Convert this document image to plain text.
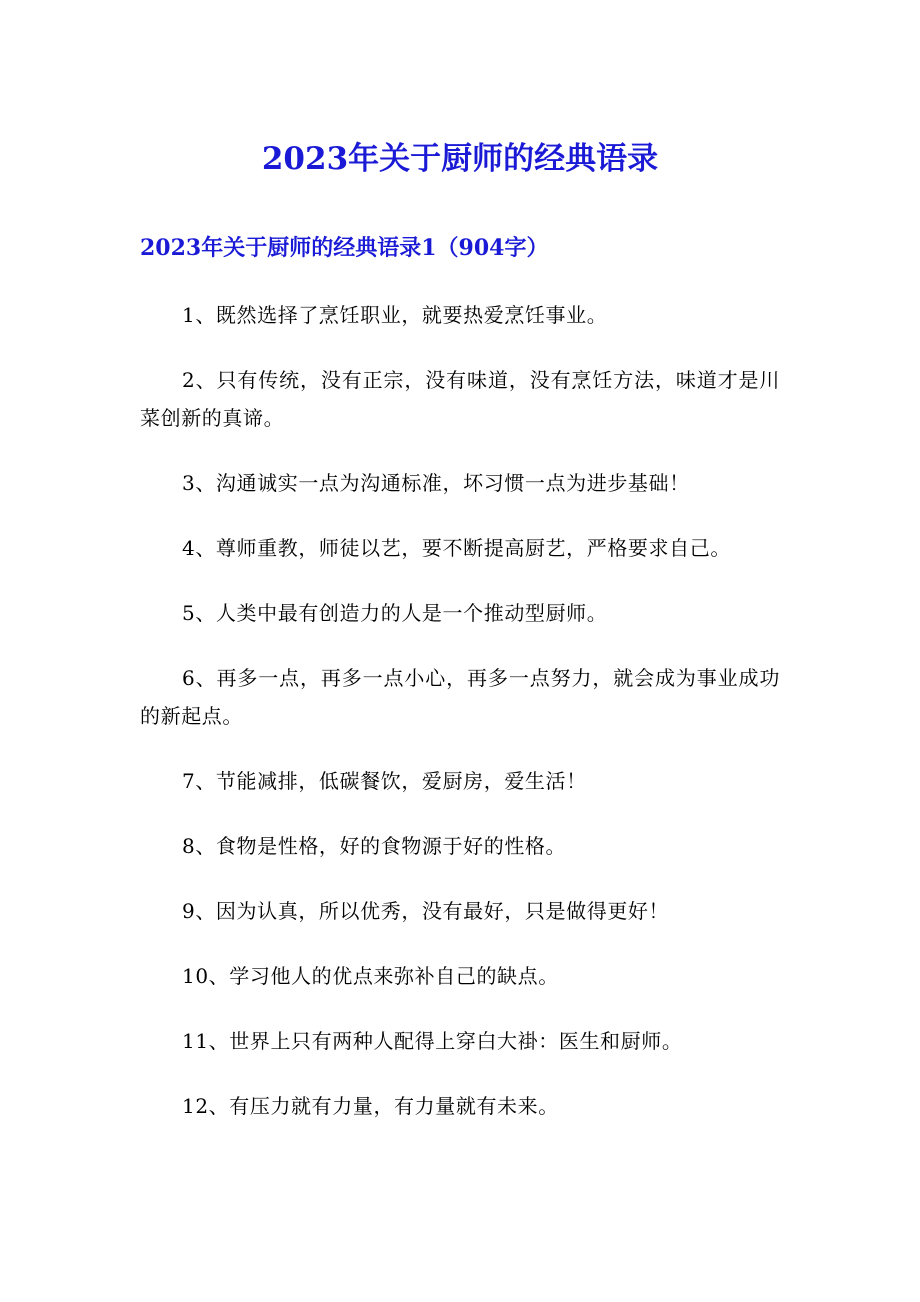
2023年关于厨师的经典语录
2023年关于厨师的经典语录1（904字）
1、既然选择了烹饪职业，就要热爱烹饪事业。
2、只有传统，没有正宗，没有味道，没有烹饪方法，味道才是川菜创新的真谛。
3、沟通诚实一点为沟通标准，坏习惯一点为进步基础！
4、尊师重教，师徒以艺，要不断提高厨艺，严格要求自己。
5、人类中最有创造力的人是一个推动型厨师。
6、再多一点，再多一点小心，再多一点努力，就会成为事业成功的新起点。
7、节能减排，低碳餐饮，爱厨房，爱生活！
8、食物是性格，好的食物源于好的性格。
9、因为认真，所以优秀，没有最好，只是做得更好！
10、学习他人的优点来弥补自己的缺点。
11、世界上只有两种人配得上穿白大褂：医生和厨师。
12、有压力就有力量，有力量就有未来。
